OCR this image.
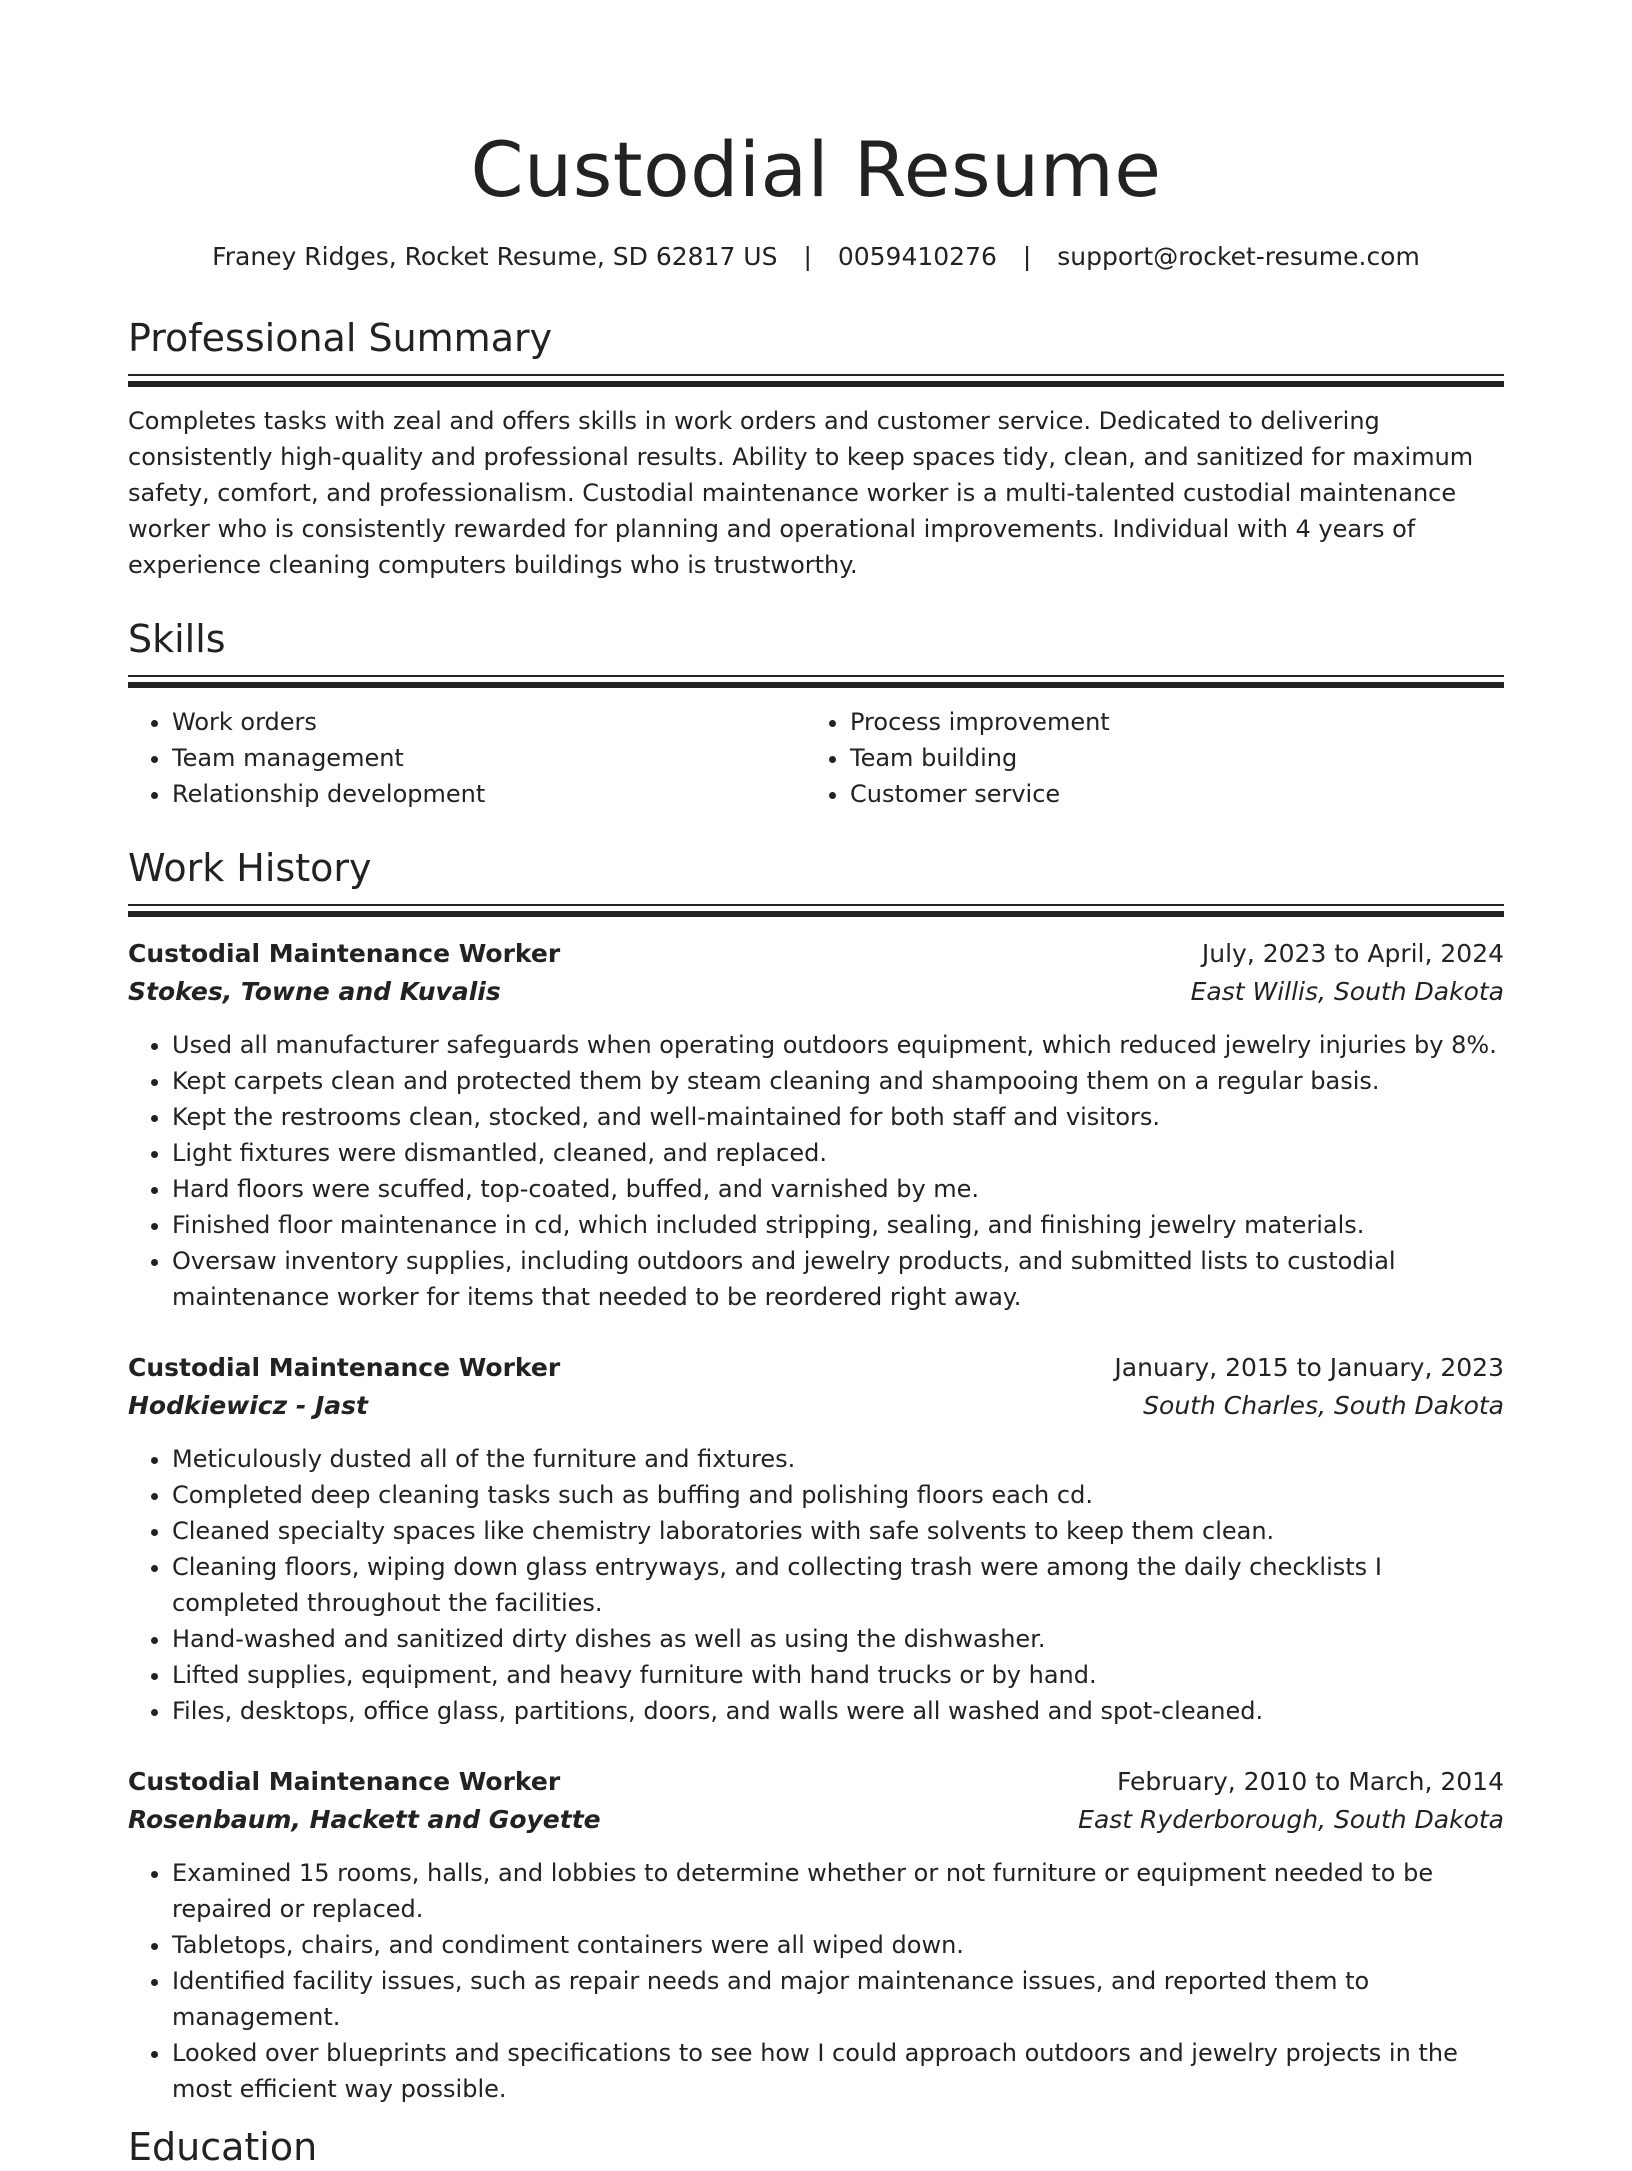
Custodial Resume
Franey Ridges, Rocket Resume, SD 62817 US | 0059410276 | support@rocket-resume.com
Professional Summary

Completes tasks with zeal and offers skills in work orders and customer service. Dedicated to delivering consistently high-quality and professional results. Ability to keep spaces tidy, clean, and sanitized for maximum safety, comfort, and professionalism. Custodial maintenance worker is a multi-talented custodial maintenance worker who is consistently rewarded for planning and operational improvements. Individual with 4 years of experience cleaning computers buildings who is trustworthy.

Skills
• Work orders
• Team management
• Relationship development
• Process improvement
• Team building
• Customer service
Work History
Custodial Maintenance Worker	July, 2023 to April, 2024
Stokes, Towne and Kuvalis	East Willis, South Dakota
• Used all manufacturer safeguards when operating outdoors equipment, which reduced jewelry injuries by 8%.
• Kept carpets clean and protected them by steam cleaning and shampooing them on a regular basis.
• Kept the restrooms clean, stocked, and well-maintained for both staff and visitors.
• Light fixtures were dismantled, cleaned, and replaced.
• Hard floors were scuffed, top-coated, buffed, and varnished by me.
• Finished floor maintenance in cd, which included stripping, sealing, and finishing jewelry materials.
• Oversaw inventory supplies, including outdoors and jewelry products, and submitted lists to custodial maintenance worker for items that needed to be reordered right away.
Custodial Maintenance Worker	January, 2015 to January, 2023
Hodkiewicz - Jast	South Charles, South Dakota
• Meticulously dusted all of the furniture and fixtures.
• Completed deep cleaning tasks such as buffing and polishing floors each cd.
• Cleaned specialty spaces like chemistry laboratories with safe solvents to keep them clean.
• Cleaning floors, wiping down glass entryways, and collecting trash were among the daily checklists I completed throughout the facilities.
• Hand-washed and sanitized dirty dishes as well as using the dishwasher.
• Lifted supplies, equipment, and heavy furniture with hand trucks or by hand.
• Files, desktops, office glass, partitions, doors, and walls were all washed and spot-cleaned.
Custodial Maintenance Worker	February, 2010 to March, 2014
Rosenbaum, Hackett and Goyette	East Ryderborough, South Dakota
• Examined 15 rooms, halls, and lobbies to determine whether or not furniture or equipment needed to be repaired or replaced.
• Tabletops, chairs, and condiment containers were all wiped down.
• Identified facility issues, such as repair needs and major maintenance issues, and reported them to management.
• Looked over blueprints and specifications to see how I could approach outdoors and jewelry projects in the most efficient way possible.
Education
